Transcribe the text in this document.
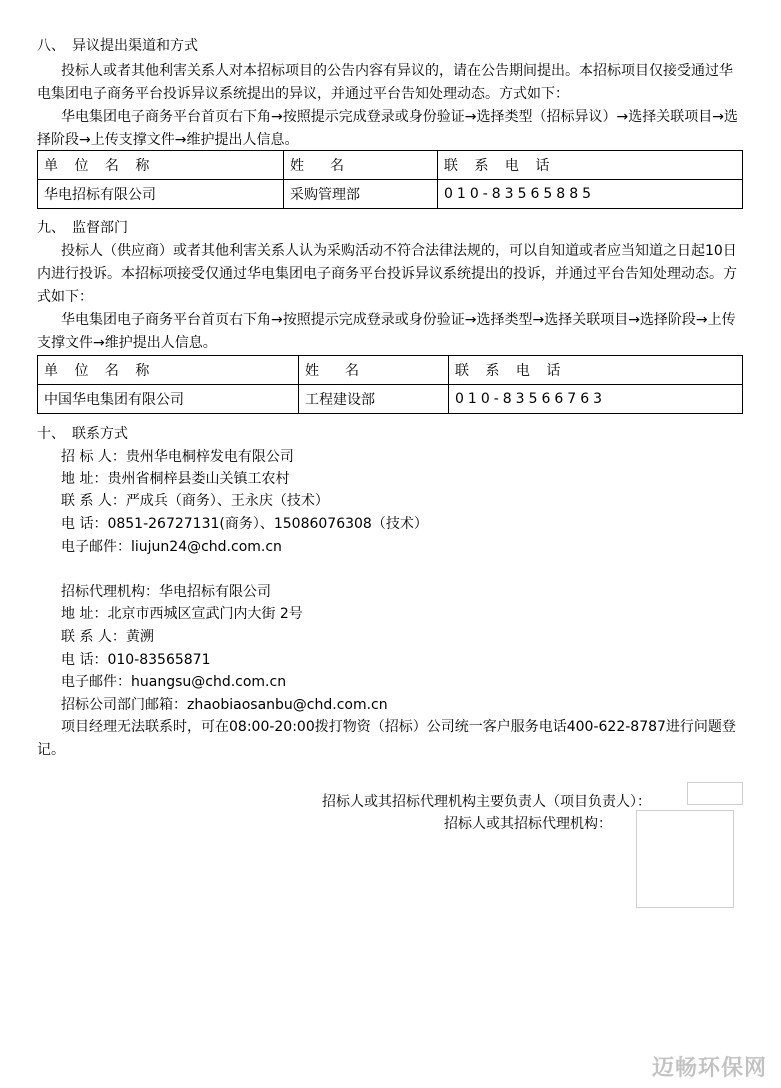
八、　异议提出渠道和方式

投标人或者其他利害关系人对本招标项目的公告内容有异议的，请在公告期间提出。本招标项目仅接受通过华电集团电子商务平台投诉异议系统提出的异议，并通过平台告知处理动态。方式如下：

华电集团电子商务平台首页右下角→按照提示完成登录或身份验证→选择类型（招标异议）→选择关联项目→选择阶段→上传支撑文件→维护提出人信息。

单 位 名 称	姓　名	联 系 电 话
华电招标有限公司	采购管理部	010-83565885
九、　监督部门

投标人（供应商）或者其他利害关系人认为采购活动不符合法律法规的，可以自知道或者应当知道之日起10日内进行投诉。本招标项接受仅通过华电集团电子商务平台投诉异议系统提出的投诉，并通过平台告知处理动态。方式如下：

华电集团电子商务平台首页右下角→按照提示完成登录或身份验证→选择类型→选择关联项目→选择阶段→上传支撑文件→维护提出人信息。

单 位 名 称	姓　名	联 系 电 话
中国华电集团有限公司	工程建设部	010-83566763
十、　联系方式
招 标 人：贵州华电桐梓发电有限公司
地 址：贵州省桐梓县娄山关镇工农村
联 系 人：严成兵（商务）、王永庆（技术）
电 话：0851-26727131(商务）、15086076308（技术）
电子邮件：liujun24@chd.com.cn
招标代理机构：华电招标有限公司
地 址：北京市西城区宣武门内大街 2号
联 系 人：黄溯
电 话：010-83565871
电子邮件：huangsu@chd.com.cn
招标公司部门邮箱：zhaobiaosanbu@chd.com.cn

项目经理无法联系时，可在08:00-20:00拨打物资（招标）公司统一客户服务电话400-622-8787进行问题登记。

招标人或其招标代理机构主要负责人（项目负责人）：
招标人或其招标代理机构：
迈畅环保网
